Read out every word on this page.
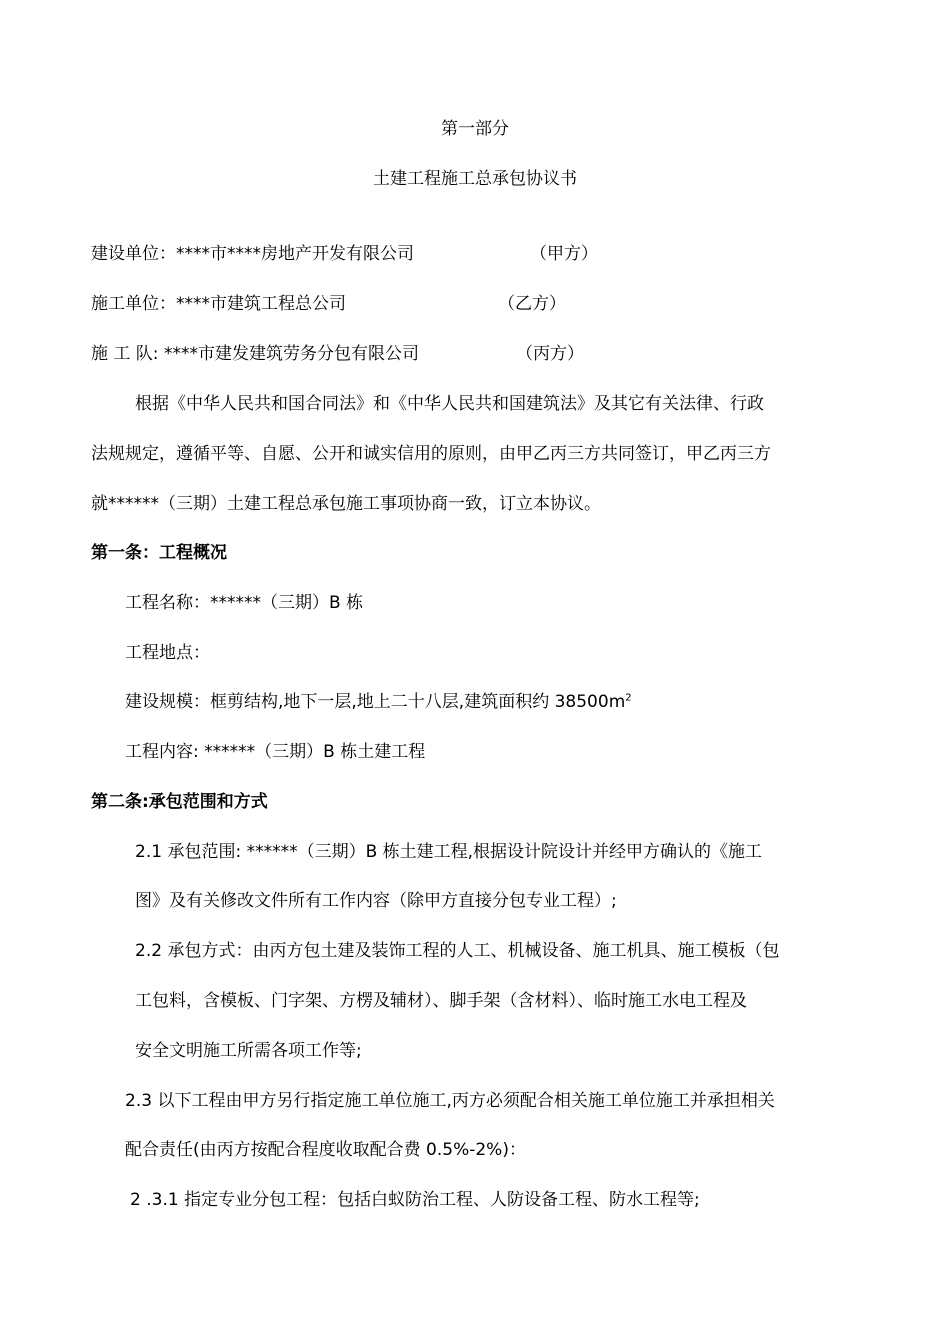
第一部分
土建工程施工总承包协议书
建设单位：****市****房地产开发有限公司	（甲方）
施工单位：****市建筑工程总公司	（乙方）
施 工 队: ****市建发建筑劳务分包有限公司	（丙方）
根据《中华人民共和国合同法》和《中华人民共和国建筑法》及其它有关法律、行政
法规规定，遵循平等、自愿、公开和诚实信用的原则，由甲乙丙三方共同签订，甲乙丙三方
就******（三期）土建工程总承包施工事项协商一致，订立本协议。
第一条：工程概况
工程名称：******（三期）B 栋
工程地点：
建设规模：框剪结构,地下一层,地上二十八层,建筑面积约 $38500m^2$
工程内容: ******（三期）B 栋土建工程
第二条:承包范围和方式
2.1 承包范围: ******（三期）B 栋土建工程,根据设计院设计并经甲方确认的《施工
图》及有关修改文件所有工作内容（除甲方直接分包专业工程）;
2.2 承包方式：由丙方包土建及装饰工程的人工、机械设备、施工机具、施工模板（包
工包料，含模板、门字架、方楞及辅材）、脚手架（含材料）、临时施工水电工程及
安全文明施工所需各项工作等;
2.3 以下工程由甲方另行指定施工单位施工,丙方必须配合相关施工单位施工并承担相关
配合责任(由丙方按配合程度收取配合费 0.5%-2%)：
2 .3.1 指定专业分包工程：包括白蚁防治工程、人防设备工程、防水工程等;
